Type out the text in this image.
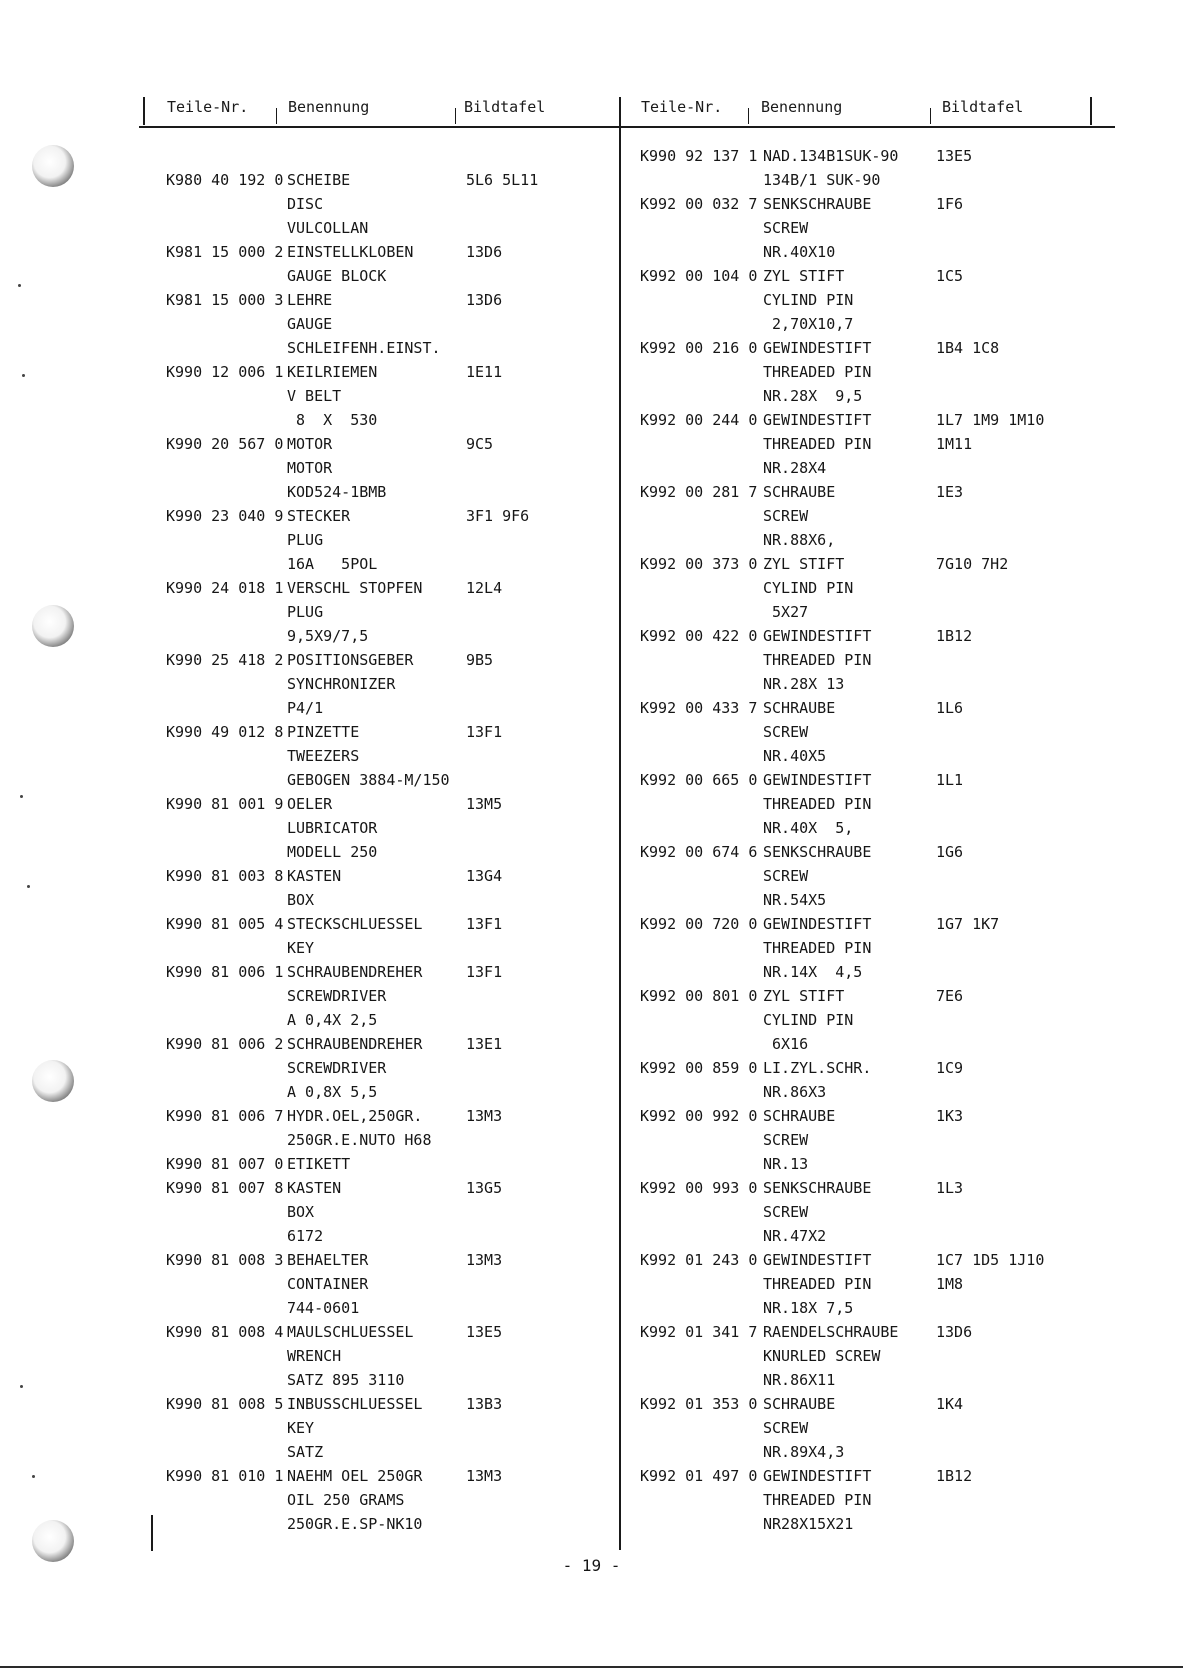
Teile-Nr.	Benennung	Bildtafel	Teile-Nr.	Benennung	Bildtafel
K980 40 192 0 SCHEIBE	5L6 5L11
DISC
VULCOLLAN
K981 15 000 2 EINSTELLKLOBEN	13D6
GAUGE BLOCK
K981 15 000 3 LEHRE	13D6
GAUGE
SCHLEIFENH.EINST.
K990 12 006 1 KEILRIEMEN	1E11
V BELT
8  X  530
K990 20 567 0 MOTOR	9C5
MOTOR
KOD524-1BMB
K990 23 040 9 STECKER	3F1 9F6
PLUG
16A   5POL
K990 24 018 1 VERSCHL STOPFEN	12L4
PLUG
9,5X9/7,5
K990 25 418 2 POSITIONSGEBER	9B5
SYNCHRONIZER
P4/1
K990 49 012 8 PINZETTE	13F1
TWEEZERS
GEBOGEN 3884-M/150
K990 81 001 9 OELER	13M5
LUBRICATOR
MODELL 250
K990 81 003 8 KASTEN	13G4
BOX
K990 81 005 4 STECKSCHLUESSEL	13F1
KEY
K990 81 006 1 SCHRAUBENDREHER	13F1
SCREWDRIVER
A 0,4X 2,5
K990 81 006 2 SCHRAUBENDREHER	13E1
SCREWDRIVER
A 0,8X 5,5
K990 81 006 7 HYDR.OEL,250GR.	13M3
250GR.E.NUTO H68
K990 81 007 0 ETIKETT
K990 81 007 8 KASTEN	13G5
BOX
6172
K990 81 008 3 BEHAELTER	13M3
CONTAINER
744-0601
K990 81 008 4 MAULSCHLUESSEL	13E5
WRENCH
SATZ 895 3110
K990 81 008 5 INBUSSCHLUESSEL	13B3
KEY
SATZ
K990 81 010 1 NAEHM OEL 250GR	13M3
OIL 250 GRAMS
250GR.E.SP-NK10
K990 92 137 1 NAD.134B1SUK-90	13E5
134B/1 SUK-90
K992 00 032 7 SENKSCHRAUBE	1F6
SCREW
NR.40X10
K992 00 104 0 ZYL STIFT	1C5
CYLIND PIN
2,70X10,7
K992 00 216 0 GEWINDESTIFT	1B4 1C8
THREADED PIN
NR.28X  9,5
K992 00 244 0 GEWINDESTIFT	1L7 1M9 1M10
THREADED PIN	1M11
NR.28X4
K992 00 281 7 SCHRAUBE	1E3
SCREW
NR.88X6,
K992 00 373 0 ZYL STIFT	7G10 7H2
CYLIND PIN
5X27
K992 00 422 0 GEWINDESTIFT	1B12
THREADED PIN
NR.28X 13
K992 00 433 7 SCHRAUBE	1L6
SCREW
NR.40X5
K992 00 665 0 GEWINDESTIFT	1L1
THREADED PIN
NR.40X  5,
K992 00 674 6 SENKSCHRAUBE	1G6
SCREW
NR.54X5
K992 00 720 0 GEWINDESTIFT	1G7 1K7
THREADED PIN
NR.14X  4,5
K992 00 801 0 ZYL STIFT	7E6
CYLIND PIN
6X16
K992 00 859 0 LI.ZYL.SCHR.	1C9
NR.86X3
K992 00 992 0 SCHRAUBE	1K3
SCREW
NR.13
K992 00 993 0 SENKSCHRAUBE	1L3
SCREW
NR.47X2
K992 01 243 0 GEWINDESTIFT	1C7 1D5 1J10
THREADED PIN	1M8
NR.18X 7,5
K992 01 341 7 RAENDELSCHRAUBE	13D6
KNURLED SCREW
NR.86X11
K992 01 353 0 SCHRAUBE	1K4
SCREW
NR.89X4,3
K992 01 497 0 GEWINDESTIFT	1B12
THREADED PIN
NR28X15X21
- 19 -
